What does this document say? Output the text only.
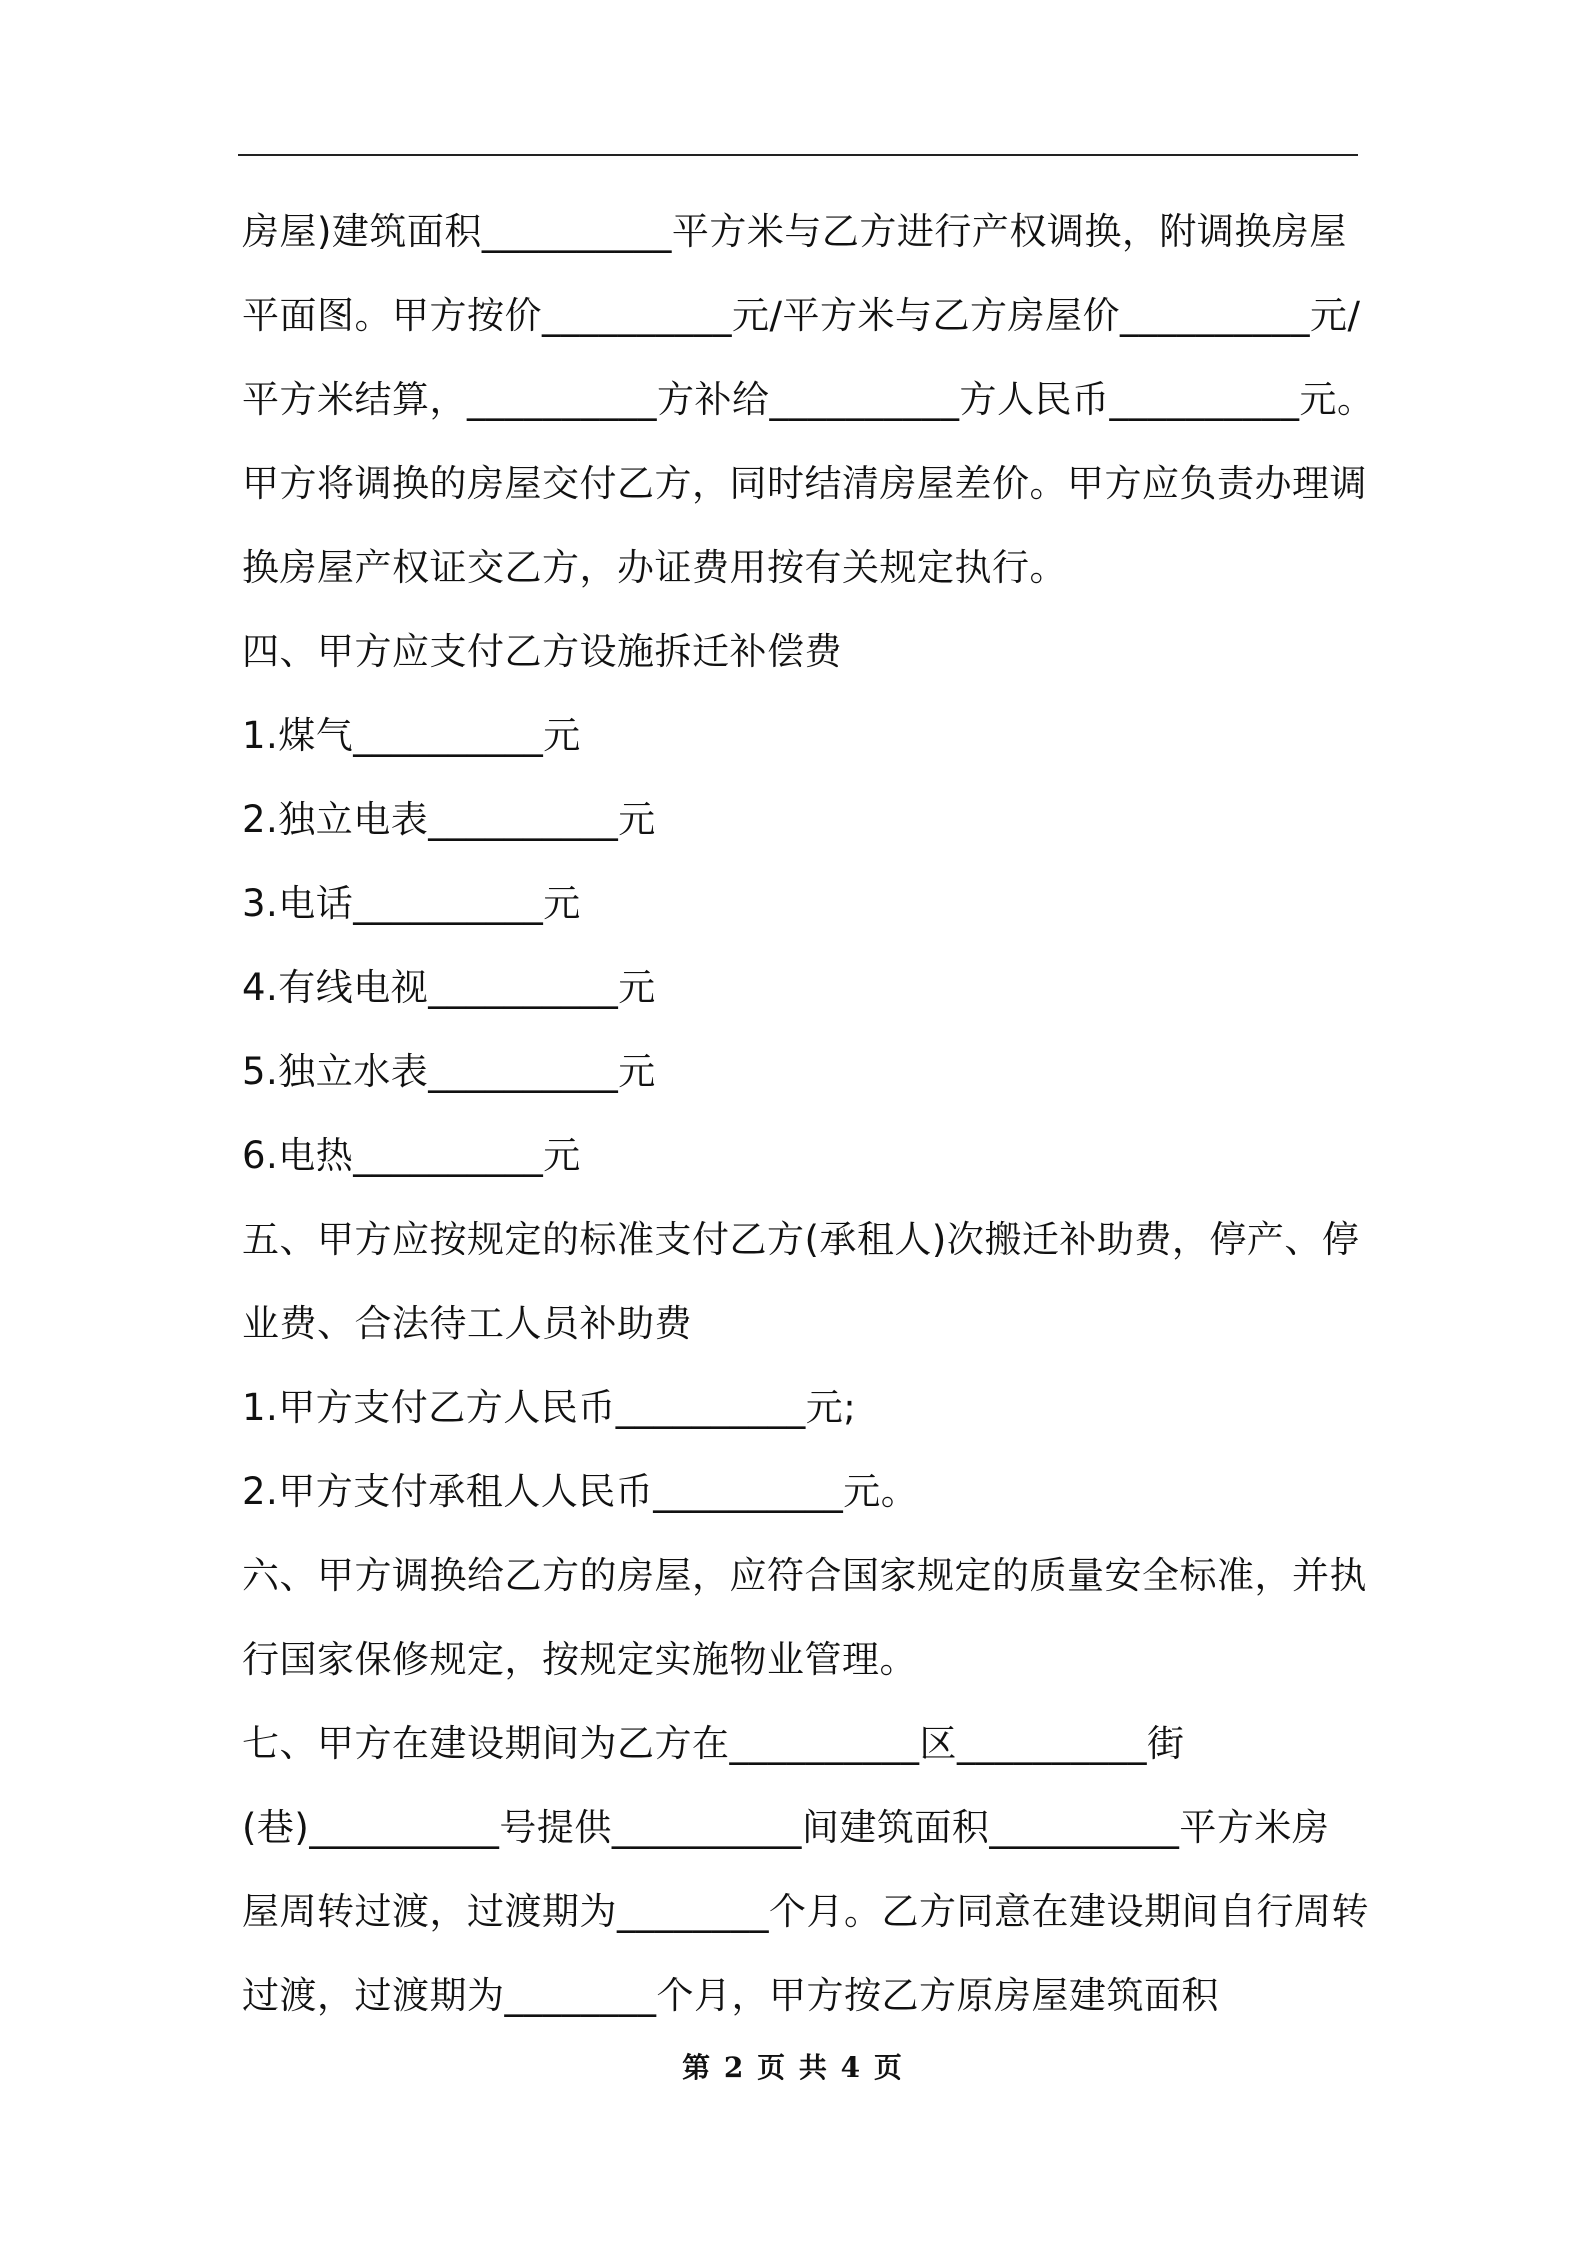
房屋)建筑面积__________平方米与乙方进行产权调换，附调换房屋
平面图。甲方按价__________元/平方米与乙方房屋价__________元/
平方米结算，__________方补给__________方人民币__________元。
甲方将调换的房屋交付乙方，同时结清房屋差价。甲方应负责办理调
换房屋产权证交乙方，办证费用按有关规定执行。
四、甲方应支付乙方设施拆迁补偿费
1.煤气__________元
2.独立电表__________元
3.电话__________元
4.有线电视__________元
5.独立水表__________元
6.电热__________元
五、甲方应按规定的标准支付乙方(承租人)次搬迁补助费，停产、停
业费、合法待工人员补助费
1.甲方支付乙方人民币__________元;
2.甲方支付承租人人民币__________元。
六、甲方调换给乙方的房屋，应符合国家规定的质量安全标准，并执
行国家保修规定，按规定实施物业管理。
七、甲方在建设期间为乙方在__________区__________街
(巷)__________号提供__________间建筑面积__________平方米房
屋周转过渡，过渡期为________个月。乙方同意在建设期间自行周转
过渡，过渡期为________个月，甲方按乙方原房屋建筑面积
第 2 页 共 4 页
